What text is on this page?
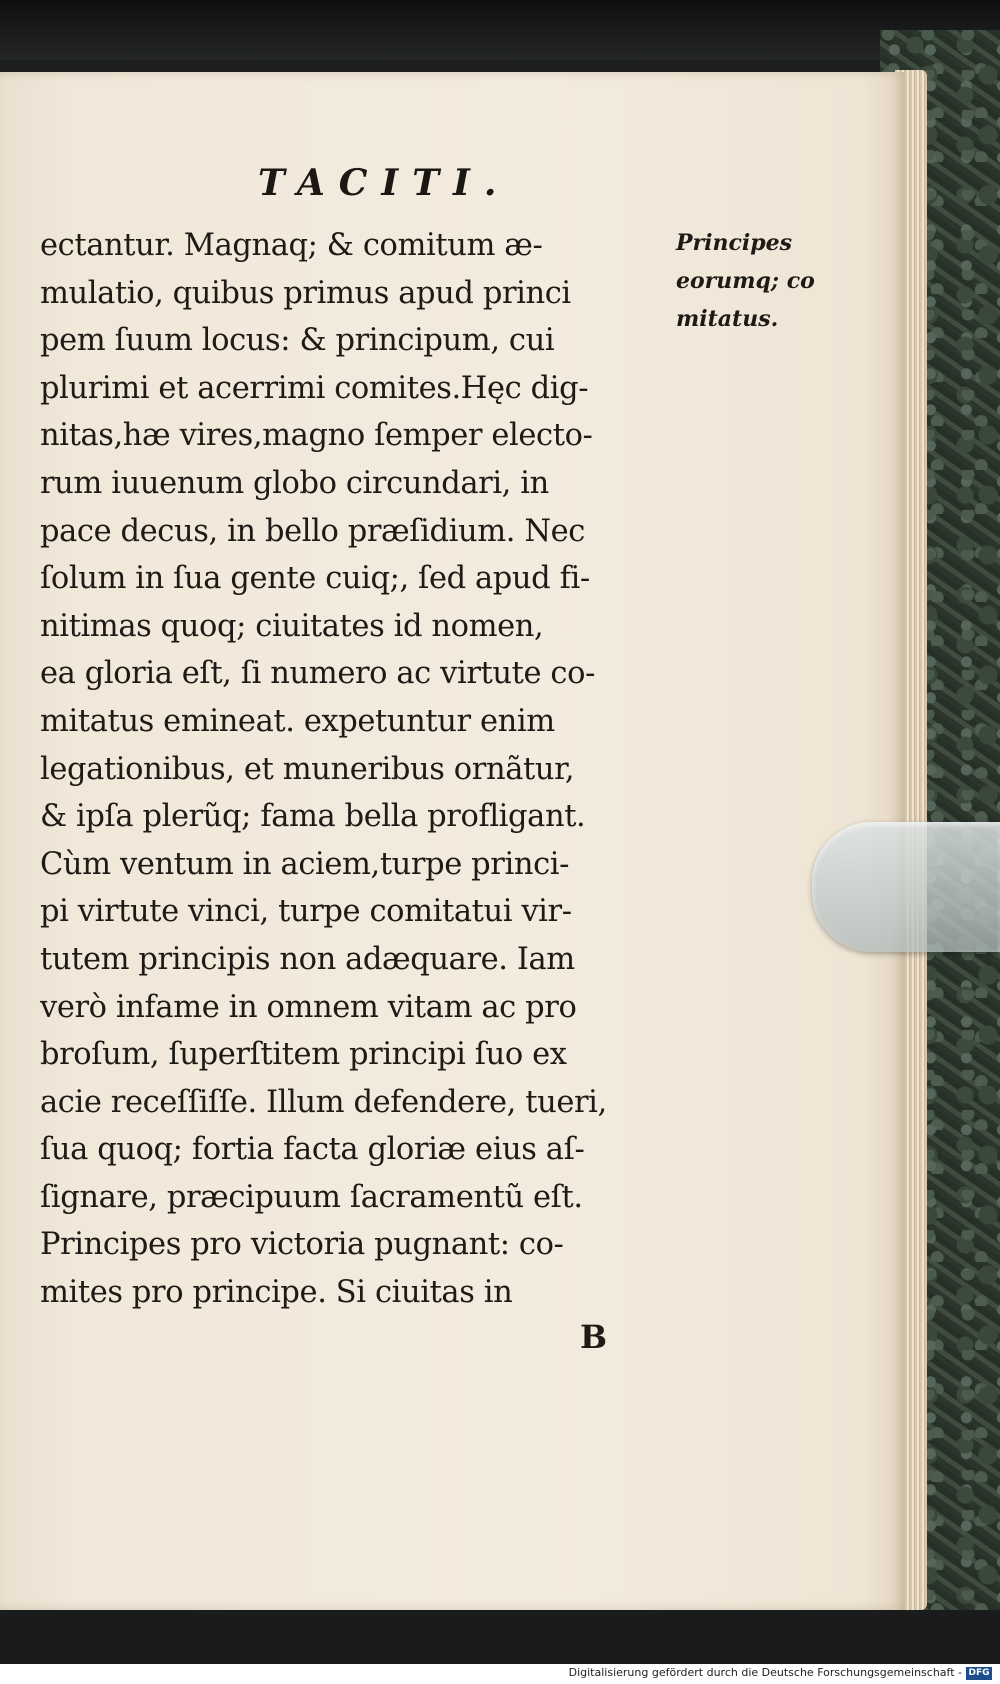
TACITI.
ectantur. Magnaq; & comitum æ-
mulatio, quibus primus apud princi
pem ſuum locus: & principum, cui
plurimi et acerrimi comites.Hęc dig-
nitas,hæ vires,magno ſemper electo-
rum iuuenum globo circundari, in
pace decus, in bello præſidium. Nec
ſolum in ſua gente cuiq;, ſed apud fi-
nitimas quoq; ciuitates id nomen,
ea gloria eſt, ſi numero ac virtute co-
mitatus emineat. expetuntur enim
legationibus, et muneribus ornãtur,
& ipſa plerũq; fama bella profligant.
Cùm ventum in aciem,turpe princi-
pi virtute vinci, turpe comitatui vir-
tutem principis non adæquare. Iam
verò infame in omnem vitam ac pro
broſum, ſuperſtitem principi ſuo ex
acie receſſiſſe. Illum defendere, tueri,
ſua quoq; fortia facta gloriæ eius aſ-
ſignare, præcipuum ſacramentũ eſt.
Principes pro victoria pugnant: co-
mites pro principe. Si ciuitas in
Principes
eorumq; co
mitatus.
B
Digitalisierung gefördert durch die Deutsche Forschungsgemeinschaft - DFG
